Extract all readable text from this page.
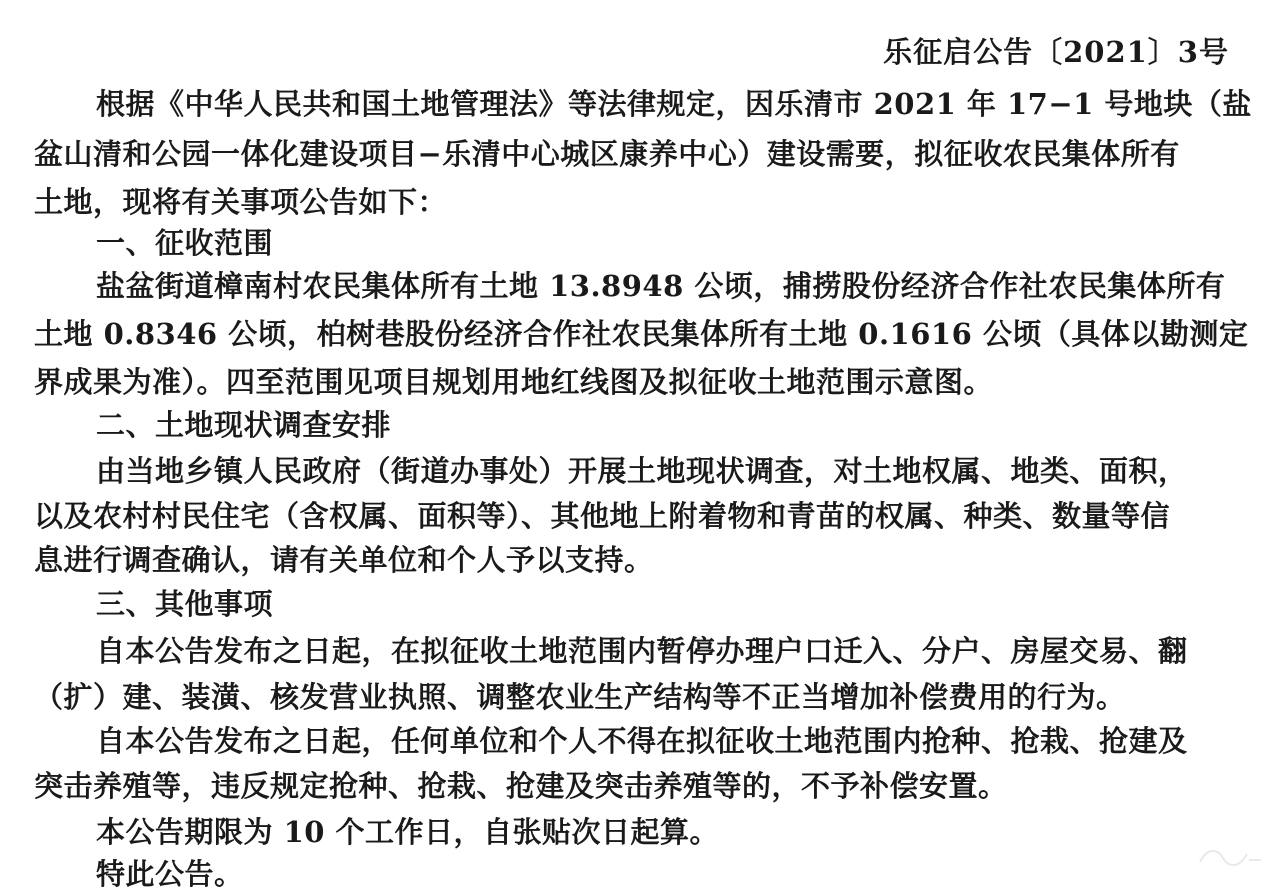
乐征启公告〔2021〕3号
根据《中华人民共和国土地管理法》等法律规定，因乐清市 2021 年 17−1 号地块（盐
盆山清和公园一体化建设项目−乐清中心城区康养中心）建设需要，拟征收农民集体所有
土地，现将有关事项公告如下：
一、征收范围
盐盆街道樟南村农民集体所有土地 13.8948 公顷，捕捞股份经济合作社农民集体所有
土地 0.8346 公顷，柏树巷股份经济合作社农民集体所有土地 0.1616 公顷（具体以勘测定
界成果为准）。四至范围见项目规划用地红线图及拟征收土地范围示意图。
二、土地现状调查安排
由当地乡镇人民政府（街道办事处）开展土地现状调查，对土地权属、地类、面积，
以及农村村民住宅（含权属、面积等）、其他地上附着物和青苗的权属、种类、数量等信
息进行调查确认，请有关单位和个人予以支持。
三、其他事项
自本公告发布之日起，在拟征收土地范围内暂停办理户口迁入、分户、房屋交易、翻
（扩）建、装潢、核发营业执照、调整农业生产结构等不正当增加补偿费用的行为。
自本公告发布之日起，任何单位和个人不得在拟征收土地范围内抢种、抢栽、抢建及
突击养殖等，违反规定抢种、抢栽、抢建及突击养殖等的，不予补偿安置。
本公告期限为 10 个工作日，自张贴次日起算。
特此公告。
